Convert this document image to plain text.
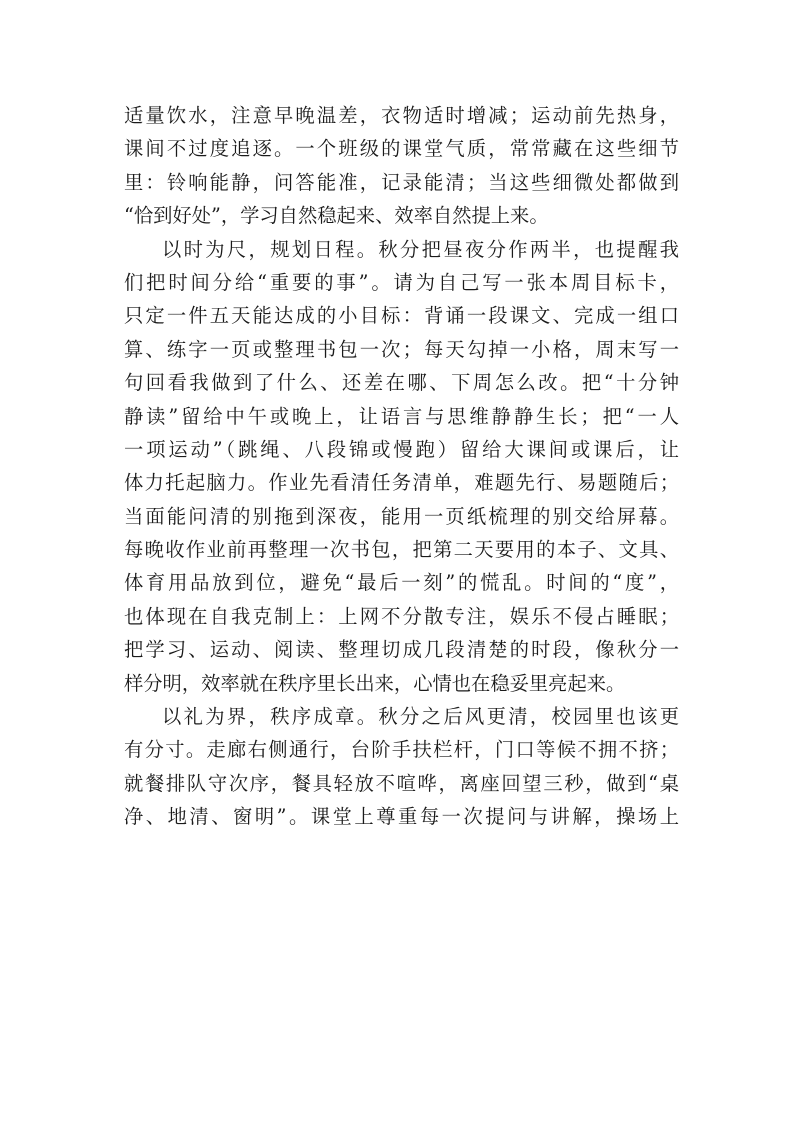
适量饮水，注意早晚温差，衣物适时增减；运动前先热身，
课间不过度追逐。一个班级的课堂气质，常常藏在这些细节
里：铃响能静，问答能准，记录能清；当这些细微处都做到
“恰到好处”，学习自然稳起来、效率自然提上来。
以时为尺，规划日程。秋分把昼夜分作两半，也提醒我
们把时间分给“重要的事”。请为自己写一张本周目标卡，
只定一件五天能达成的小目标：背诵一段课文、完成一组口
算、练字一页或整理书包一次；每天勾掉一小格，周末写一
句回看我做到了什么、还差在哪、下周怎么改。把“十分钟
静读”留给中午或晚上，让语言与思维静静生长；把“一人
一项运动”（跳绳、八段锦或慢跑）留给大课间或课后，让
体力托起脑力。作业先看清任务清单，难题先行、易题随后；
当面能问清的别拖到深夜，能用一页纸梳理的别交给屏幕。
每晚收作业前再整理一次书包，把第二天要用的本子、文具、
体育用品放到位，避免“最后一刻”的慌乱。时间的“度”，
也体现在自我克制上：上网不分散专注，娱乐不侵占睡眠；
把学习、运动、阅读、整理切成几段清楚的时段，像秋分一
样分明，效率就在秩序里长出来，心情也在稳妥里亮起来。
以礼为界，秩序成章。秋分之后风更清，校园里也该更
有分寸。走廊右侧通行，台阶手扶栏杆，门口等候不拥不挤；
就餐排队守次序，餐具轻放不喧哗，离座回望三秒，做到“桌
净、地清、窗明”。课堂上尊重每一次提问与讲解，操场上
